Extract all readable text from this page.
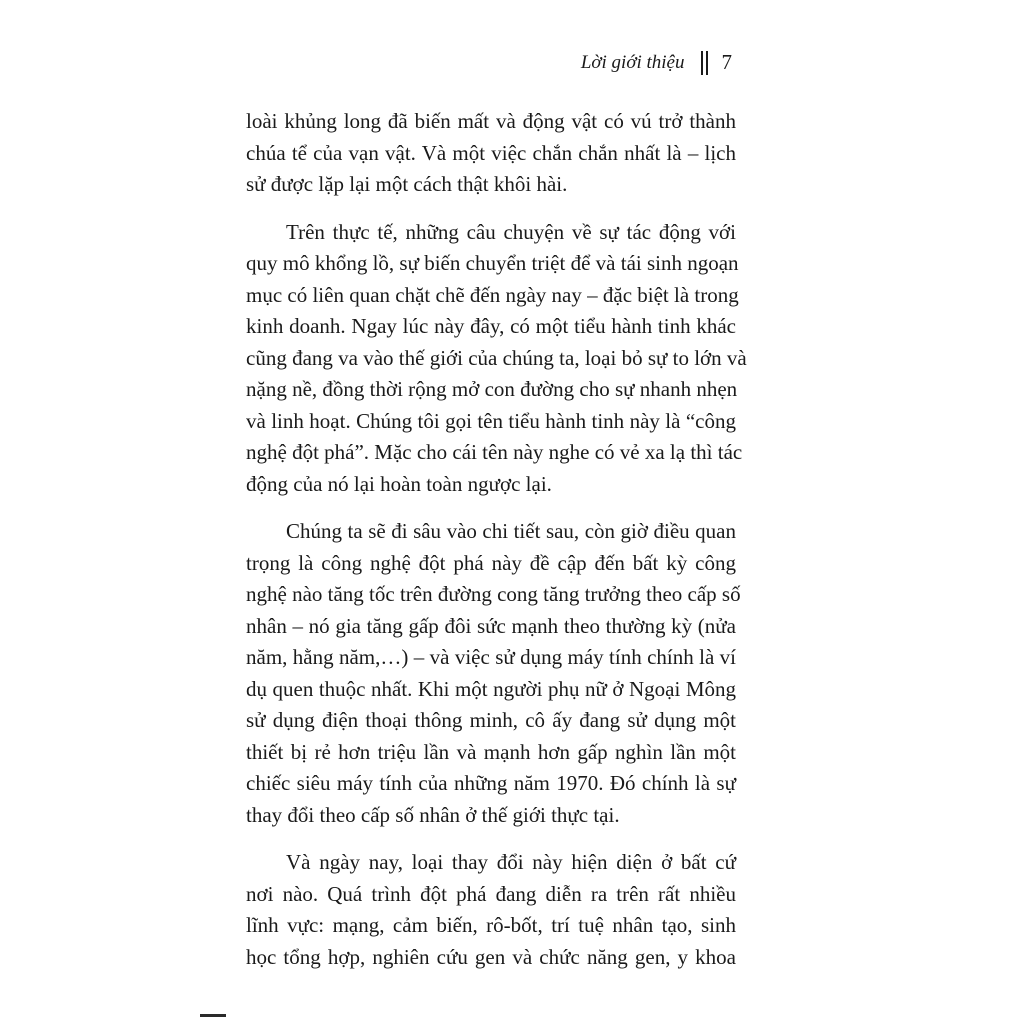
Lời giới thiệu 7
loài khủng long đã biến mất và động vật có vú trở thành
chúa tể của vạn vật. Và một việc chắn chắn nhất là – lịch
sử được lặp lại một cách thật khôi hài.
Trên thực tế, những câu chuyện về sự tác động với
quy mô khổng lồ, sự biến chuyển triệt để và tái sinh ngoạn
mục có liên quan chặt chẽ đến ngày nay – đặc biệt là trong
kinh doanh. Ngay lúc này đây, có một tiểu hành tinh khác
cũng đang va vào thế giới của chúng ta, loại bỏ sự to lớn và
nặng nề, đồng thời rộng mở con đường cho sự nhanh nhẹn
và linh hoạt. Chúng tôi gọi tên tiểu hành tinh này là “công
nghệ đột phá”. Mặc cho cái tên này nghe có vẻ xa lạ thì tác
động của nó lại hoàn toàn ngược lại.
Chúng ta sẽ đi sâu vào chi tiết sau, còn giờ điều quan
trọng là công nghệ đột phá này đề cập đến bất kỳ công
nghệ nào tăng tốc trên đường cong tăng trưởng theo cấp số
nhân – nó gia tăng gấp đôi sức mạnh theo thường kỳ (nửa
năm, hằng năm,…) – và việc sử dụng máy tính chính là ví
dụ quen thuộc nhất. Khi một người phụ nữ ở Ngoại Mông
sử dụng điện thoại thông minh, cô ấy đang sử dụng một
thiết bị rẻ hơn triệu lần và mạnh hơn gấp nghìn lần một
chiếc siêu máy tính của những năm 1970. Đó chính là sự
thay đổi theo cấp số nhân ở thế giới thực tại.
Và ngày nay, loại thay đổi này hiện diện ở bất cứ
nơi nào. Quá trình đột phá đang diễn ra trên rất nhiều
lĩnh vực: mạng, cảm biến, rô-bốt, trí tuệ nhân tạo, sinh
học tổng hợp, nghiên cứu gen và chức năng gen, y khoa
